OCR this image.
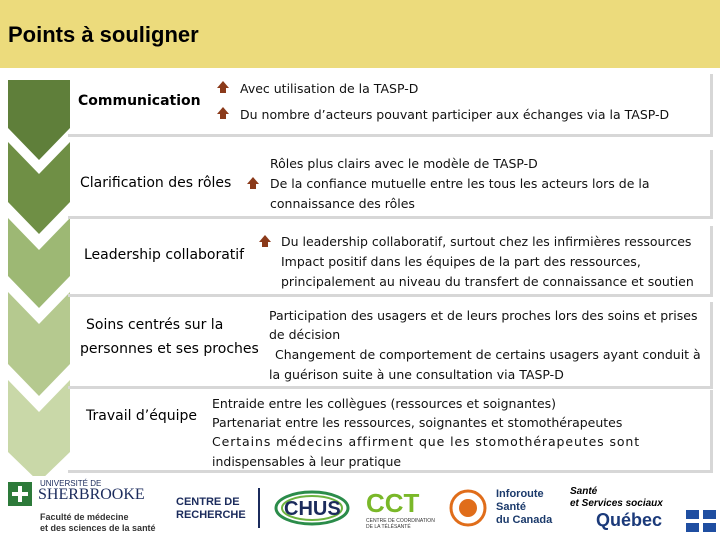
Points à souligner
Communication
Avec utilisation de la TASP-D
Du nombre d’acteurs pouvant participer aux échanges via la TASP-D
Clarification des rôles
Rôles plus clairs avec le modèle de TASP-D
De la confiance mutuelle entre les tous les acteurs lors de la
connaissance des rôles
Leadership collaboratif
Du leadership collaboratif, surtout chez les infirmières ressources
Impact positif dans les équipes de la part des ressources,
principalement au niveau du transfert de connaissance et soutien
Soins centrés sur la
personnes et ses proches
Participation des usagers et de leurs proches lors des soins et prises
de décision
Changement de comportement de certains usagers ayant conduit à
la guérison suite à une consultation via TASP-D
Travail d’équipe
Entraide entre les collègues (ressources et soignantes)
Partenariat entre les ressources, soignantes et stomothérapeutes
Certains médecins affirment que les stomothérapeutes sont
indispensables à leur pratique
UNIVERSITÉ DE
SHERBROOKE
Faculté de médecine
et des sciences de la santé
CENTRE DE
RECHERCHE CHUS CCT
CENTRE DE COORDINATION
DE LA TÉLÉSANTÉ
Inforoute
Santé
du Canada
Santé
et Services sociaux
Québec
